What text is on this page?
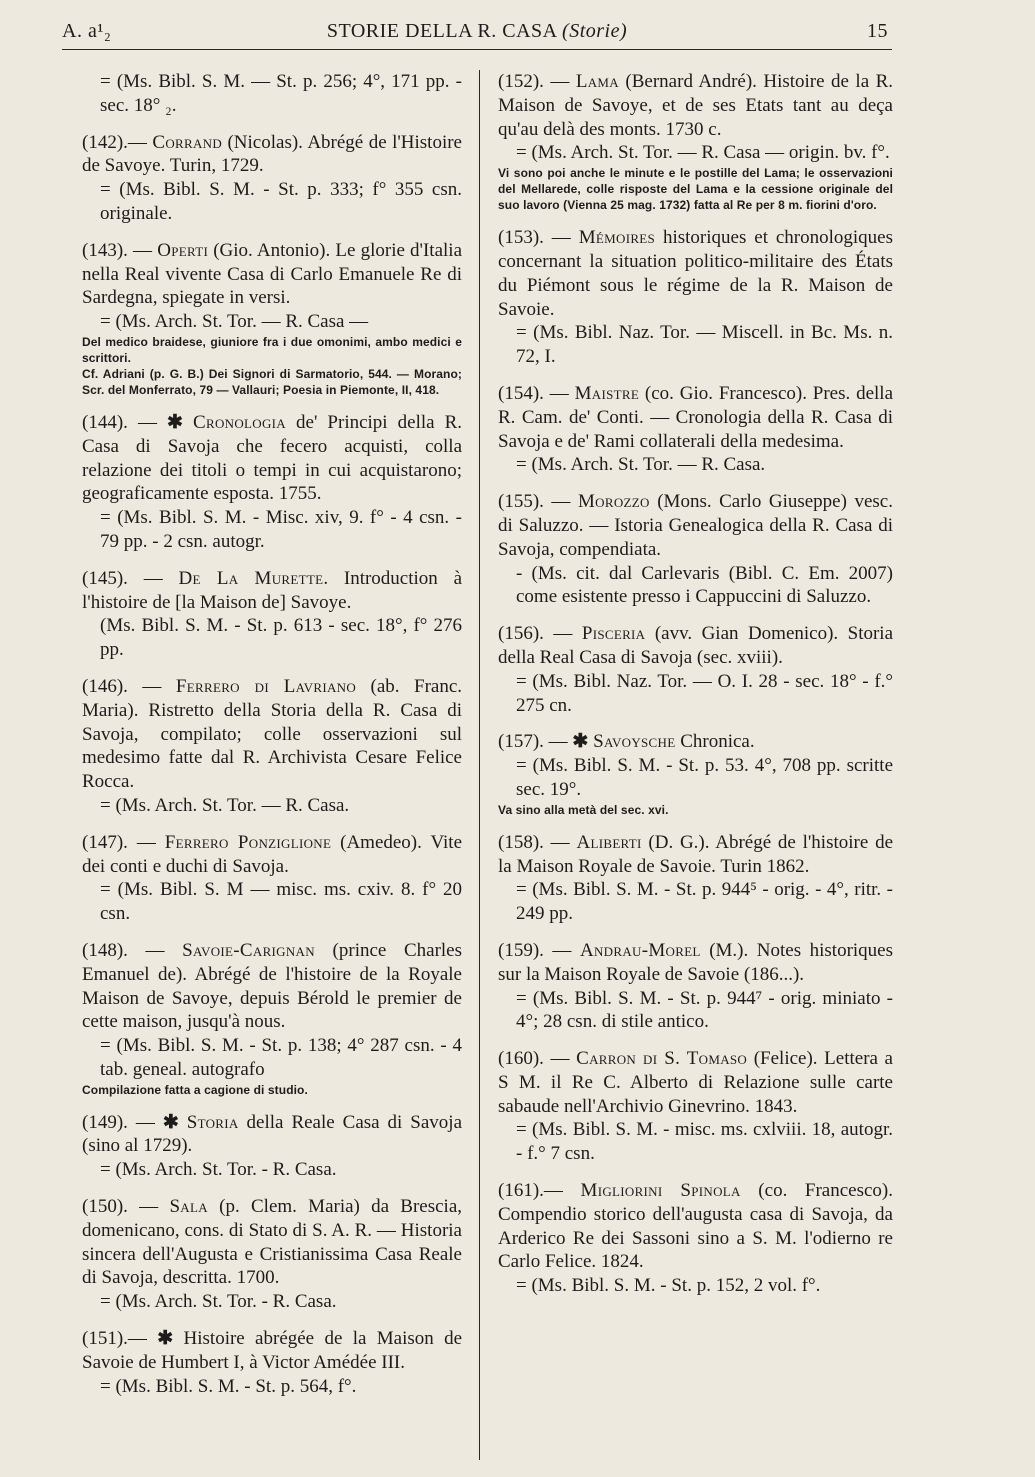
A. a¹₂	STORIE DELLA R. CASA (Storie)	15

= (Ms. Bibl. S. M. — St. p. 256; 4°, 171 pp. - sec. 18° ₂.

(142).— Corrand (Nicolas). Abrégé de l'Histoire de Savoye. Turin, 1729.

= (Ms. Bibl. S. M. - St. p. 333; f° 355 csn. originale.

(143). — Operti (Gio. Antonio). Le glorie d'Italia nella Real vivente Casa di Carlo Emanuele Re di Sardegna, spiegate in versi.

= (Ms. Arch. St. Tor. — R. Casa —

Del medico braidese, giuniore fra i due omonimi, ambo medici e scrittori.

Cf. Adriani (p. G. B.) Dei Signori di Sarmatorio, 544. — Morano; Scr. del Monferrato, 79 — Vallauri; Poesia in Piemonte, II, 418.

(144). — ✱ Cronologia de' Principi della R. Casa di Savoja che fecero acquisti, colla relazione dei titoli o tempi in cui acquistarono; geograficamente esposta. 1755.

= (Ms. Bibl. S. M. - Misc. xiv, 9. f° - 4 csn. - 79 pp. - 2 csn. autogr.

(145). — De La Murette. Introduction à l'histoire de [la Maison de] Savoye.

(Ms. Bibl. S. M. - St. p. 613 - sec. 18°, f° 276 pp.

(146). — Ferrero di Lavriano (ab. Franc. Maria). Ristretto della Storia della R. Casa di Savoja, compilato; colle osservazioni sul medesimo fatte dal R. Archivista Cesare Felice Rocca.

= (Ms. Arch. St. Tor. — R. Casa.

(147). — Ferrero Ponziglione (Amedeo). Vite dei conti e duchi di Savoja.

= (Ms. Bibl. S. M — misc. ms. cxiv. 8. f° 20 csn.

(148). — Savoie-Carignan (prince Charles Emanuel de). Abrégé de l'histoire de la Royale Maison de Savoye, depuis Bérold le premier de cette maison, jusqu'à nous.

= (Ms. Bibl. S. M. - St. p. 138; 4° 287 csn. - 4 tab. geneal. autografo

Compilazione fatta a cagione di studio.

(149). — ✱ Storia della Reale Casa di Savoja (sino al 1729).

= (Ms. Arch. St. Tor. - R. Casa.

(150). — Sala (p. Clem. Maria) da Brescia, domenicano, cons. di Stato di S. A. R. — Historia sincera dell'Augusta e Cristianissima Casa Reale di Savoja, descritta. 1700.

= (Ms. Arch. St. Tor. - R. Casa.

(151).— ✱ Histoire abrégée de la Maison de Savoie de Humbert I, à Victor Amédée III.

= (Ms. Bibl. S. M. - St. p. 564, f°.

(152). — Lama (Bernard André). Histoire de la R. Maison de Savoye, et de ses Etats tant au deça qu'au delà des monts. 1730 c.

= (Ms. Arch. St. Tor. — R. Casa — origin. bv. f°.

Vi sono poi anche le minute e le postille del Lama; le osservazioni del Mellarede, colle risposte del Lama e la cessione originale del suo lavoro (Vienna 25 mag. 1732) fatta al Re per 8 m. fiorini d'oro.

(153). — Mémoires historiques et chronologiques concernant la situation politico-militaire des États du Piémont sous le régime de la R. Maison de Savoie.

= (Ms. Bibl. Naz. Tor. — Miscell. in Bc. Ms. n. 72, I.

(154). — Maistre (co. Gio. Francesco). Pres. della R. Cam. de' Conti. — Cronologia della R. Casa di Savoja e de' Rami collaterali della medesima.

= (Ms. Arch. St. Tor. — R. Casa.

(155). — Morozzo (Mons. Carlo Giuseppe) vesc. di Saluzzo. — Istoria Genealogica della R. Casa di Savoja, compendiata.

- (Ms. cit. dal Carlevaris (Bibl. C. Em. 2007) come esistente presso i Cappuccini di Saluzzo.

(156). — Pisceria (avv. Gian Domenico). Storia della Real Casa di Savoja (sec. xviii).

= (Ms. Bibl. Naz. Tor. — O. I. 28 - sec. 18° - f.° 275 cn.

(157). — ✱ Savoysche Chronica.

= (Ms. Bibl. S. M. - St. p. 53. 4°, 708 pp. scritte sec. 19°.

Va sino alla metà del sec. xvi.

(158). — Aliberti (D. G.). Abrégé de l'histoire de la Maison Royale de Savoie. Turin 1862.

= (Ms. Bibl. S. M. - St. p. 944⁵ - orig. - 4°, ritr. - 249 pp.

(159). — Andrau-Morel (M.). Notes historiques sur la Maison Royale de Savoie (186...).

= (Ms. Bibl. S. M. - St. p. 944⁷ - orig. miniato - 4°; 28 csn. di stile antico.

(160). — Carron di S. Tomaso (Felice). Lettera a S M. il Re C. Alberto di Relazione sulle carte sabaude nell'Archivio Ginevrino. 1843.

= (Ms. Bibl. S. M. - misc. ms. cxlviii. 18, autogr. - f.° 7 csn.

(161).— Migliorini Spinola (co. Francesco). Compendio storico dell'augusta casa di Savoja, da Arderico Re dei Sassoni sino a S. M. l'odierno re Carlo Felice. 1824.

= (Ms. Bibl. S. M. - St. p. 152, 2 vol. f°.
